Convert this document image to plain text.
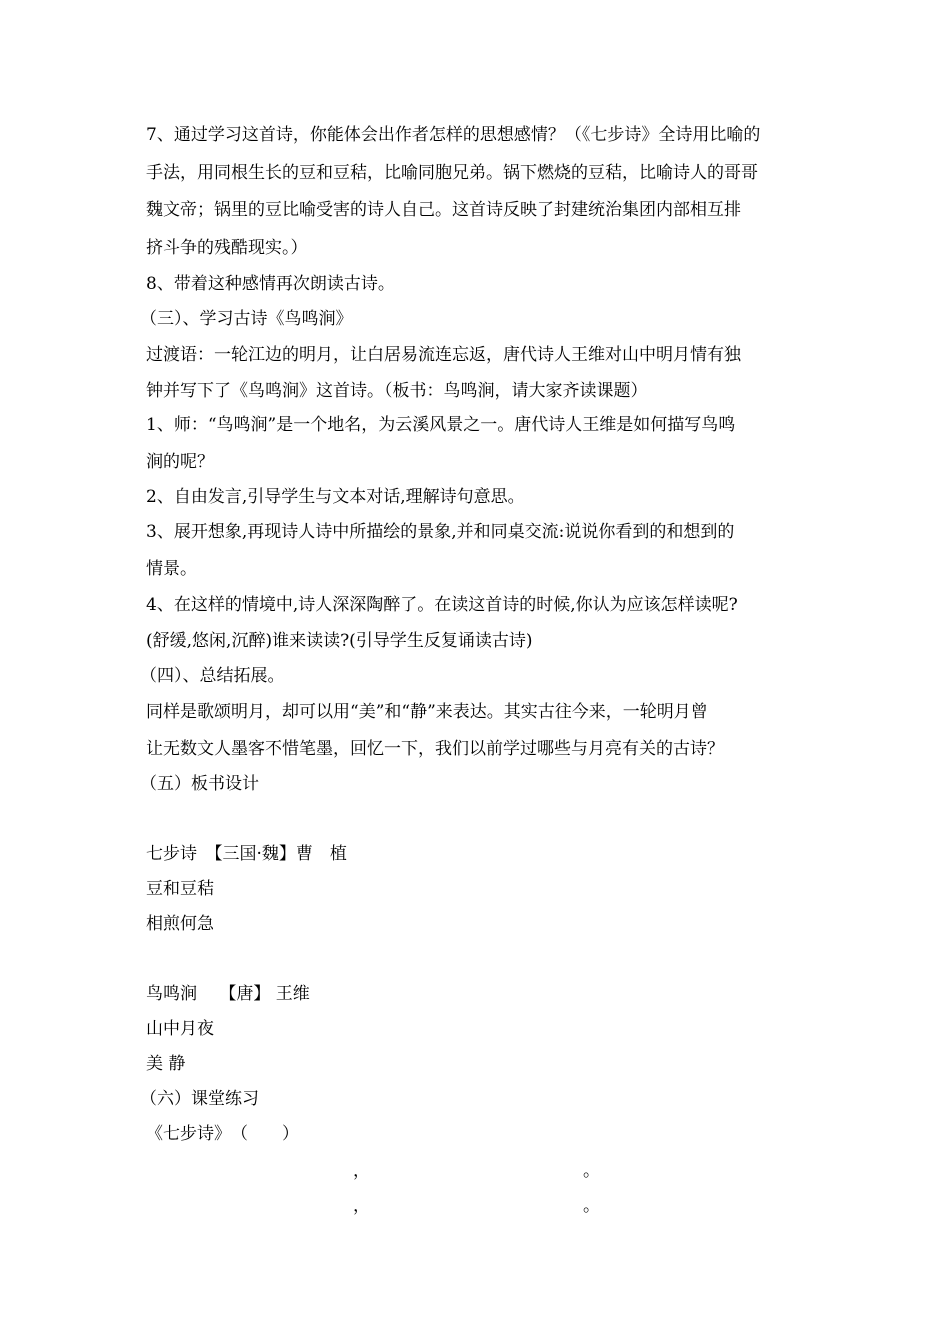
7、通过学习这首诗，你能体会出作者怎样的思想感情？（《七步诗》全诗用比喻的
手法，用同根生长的豆和豆秸，比喻同胞兄弟。锅下燃烧的豆秸，比喻诗人的哥哥
魏文帝；锅里的豆比喻受害的诗人自己。这首诗反映了封建统治集团内部相互排
挤斗争的残酷现实。）
8、带着这种感情再次朗读古诗。
（三）、学习古诗《鸟鸣涧》
过渡语：一轮江边的明月，让白居易流连忘返，唐代诗人王维对山中明月情有独
钟并写下了《鸟鸣涧》这首诗。（板书：鸟鸣涧，请大家齐读课题）
1、师：“鸟鸣涧”是一个地名，为云溪风景之一。唐代诗人王维是如何描写鸟鸣
涧的呢？
2、自由发言,引导学生与文本对话,理解诗句意思。
3、展开想象,再现诗人诗中所描绘的景象,并和同桌交流:说说你看到的和想到的
情景。
4、在这样的情境中,诗人深深陶醉了。在读这首诗的时候,你认为应该怎样读呢?
(舒缓,悠闲,沉醉)谁来读读?(引导学生反复诵读古诗)
（四）、总结拓展。
同样是歌颂明月，却可以用“美”和“静”来表达。其实古往今来，一轮明月曾
让无数文人墨客不惜笔墨，回忆一下，我们以前学过哪些与月亮有关的古诗？
（五）板书设计
七步诗　【三国·魏】曹　植
豆和豆秸
相煎何急
鸟鸣涧　 【唐】 王维
山中月夜
美 静
（六）课堂练习
《七步诗》　（　　）
，	。
，	。
